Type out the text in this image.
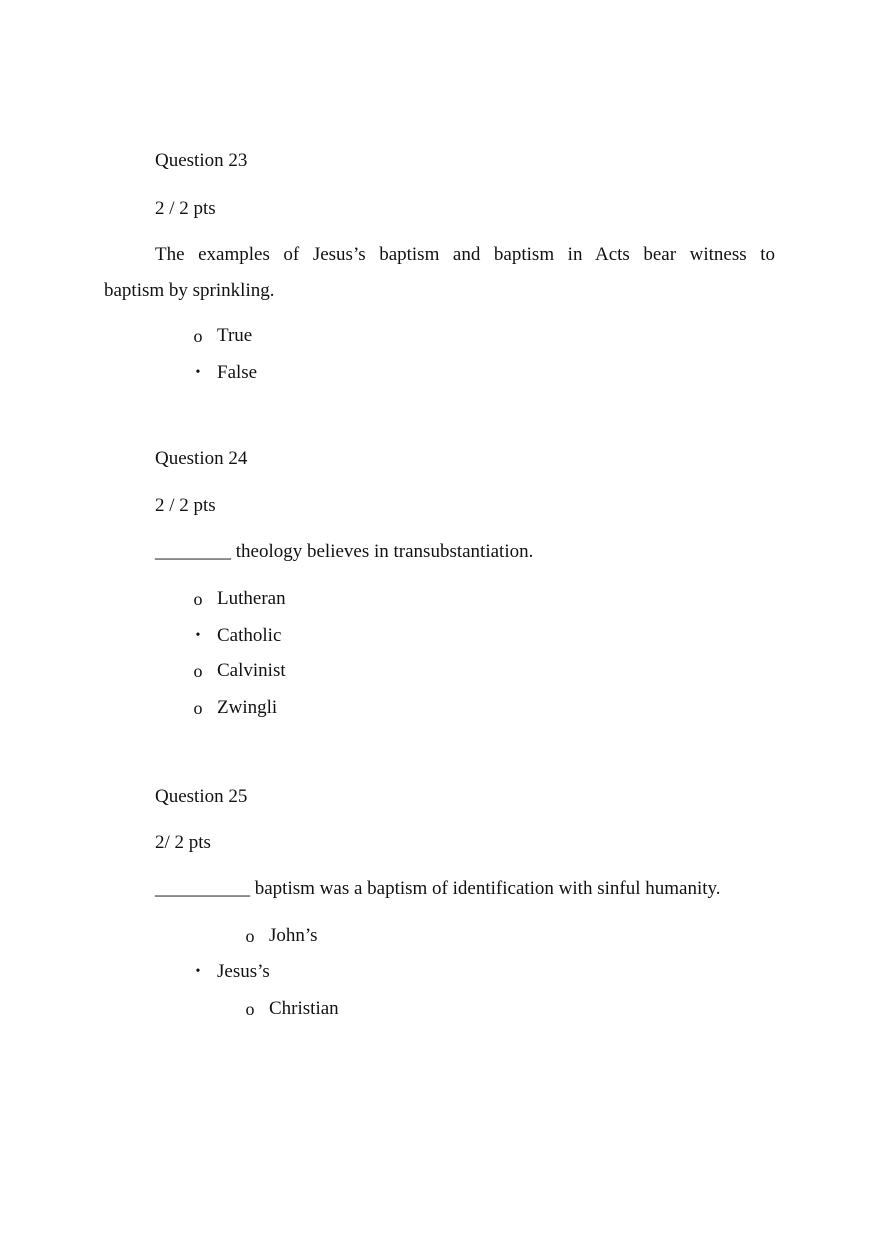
Question 23
2 / 2 pts
The examples of Jesus’s baptism and baptism in Acts bear witness to
baptism by sprinkling.
o True
• False
Question 24
2 / 2 pts
________ theology believes in transubstantiation.
o Lutheran
• Catholic
o Calvinist
o Zwingli
Question 25
2/ 2 pts
__________ baptism was a baptism of identification with sinful humanity.
o John’s
• Jesus’s
o Christian
